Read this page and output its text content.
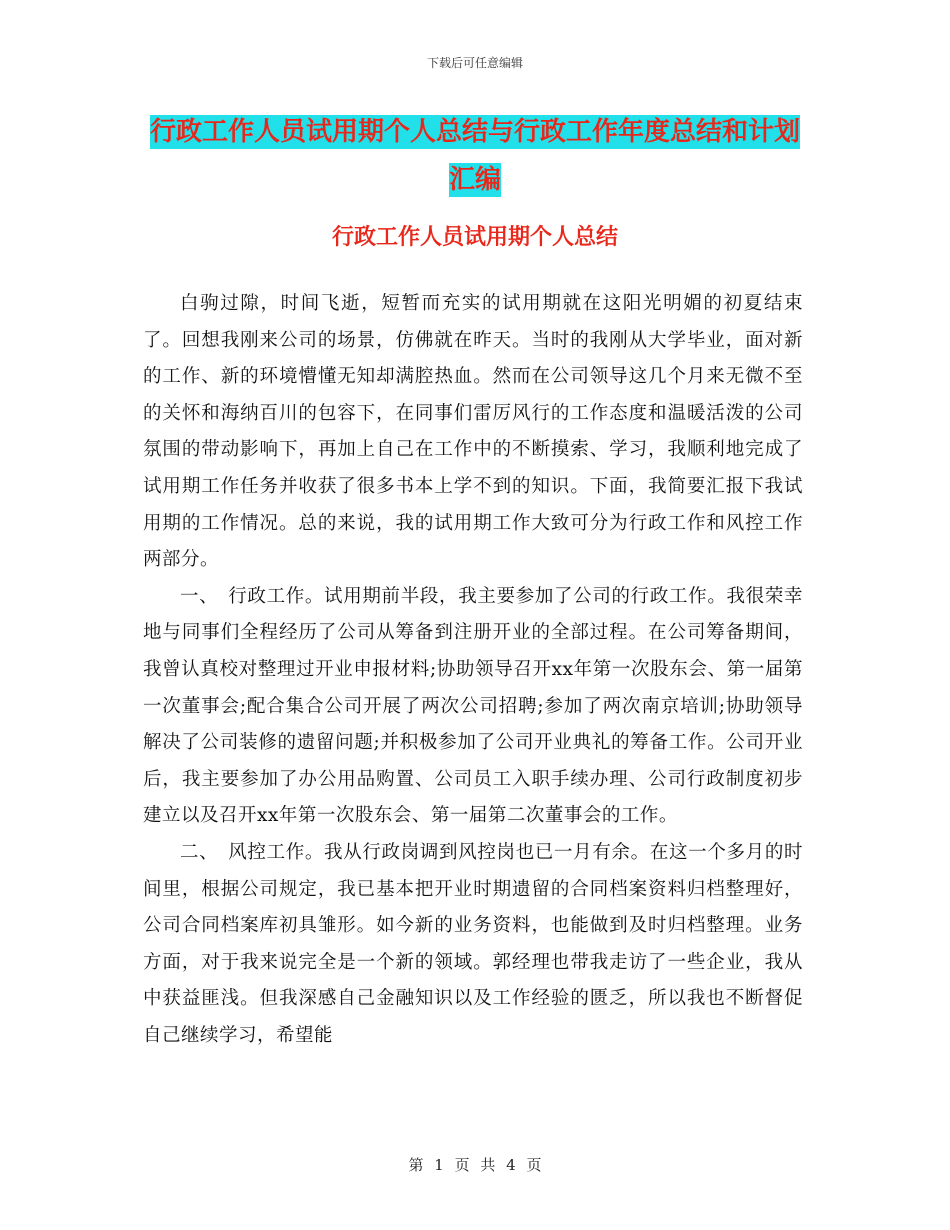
下载后可任意编辑
行政工作人员试用期个人总结与行政工作年度总结和计划汇编
行政工作人员试用期个人总结

白驹过隙，时间飞逝，短暂而充实的试用期就在这阳光明媚的初夏结束了。回想我刚来公司的场景，仿佛就在昨天。当时的我刚从大学毕业，面对新的工作、新的环境懵懂无知却满腔热血。然而在公司领导这几个月来无微不至的关怀和海纳百川的包容下，在同事们雷厉风行的工作态度和温暖活泼的公司氛围的带动影响下，再加上自己在工作中的不断摸索、学习，我顺利地完成了试用期工作任务并收获了很多书本上学不到的知识。下面，我简要汇报下我试用期的工作情况。总的来说，我的试用期工作大致可分为行政工作和风控工作两部分。

一、　行政工作。试用期前半段，我主要参加了公司的行政工作。我很荣幸地与同事们全程经历了公司从筹备到注册开业的全部过程。在公司筹备期间，我曾认真校对整理过开业申报材料;协助领导召开xx年第一次股东会、第一届第一次董事会;配合集合公司开展了两次公司招聘;参加了两次南京培训;协助领导解决了公司装修的遗留问题;并积极参加了公司开业典礼的筹备工作。公司开业后，我主要参加了办公用品购置、公司员工入职手续办理、公司行政制度初步建立以及召开xx年第一次股东会、第一届第二次董事会的工作。

二、　风控工作。我从行政岗调到风控岗也已一月有余。在这一个多月的时间里，根据公司规定，我已基本把开业时期遗留的合同档案资料归档整理好，公司合同档案库初具雏形。如今新的业务资料，也能做到及时归档整理。业务方面，对于我来说完全是一个新的领域。郭经理也带我走访了一些企业，我从中获益匪浅。但我深感自己金融知识以及工作经验的匮乏，所以我也不断督促自己继续学习，希望能

第 1 页 共 4 页
